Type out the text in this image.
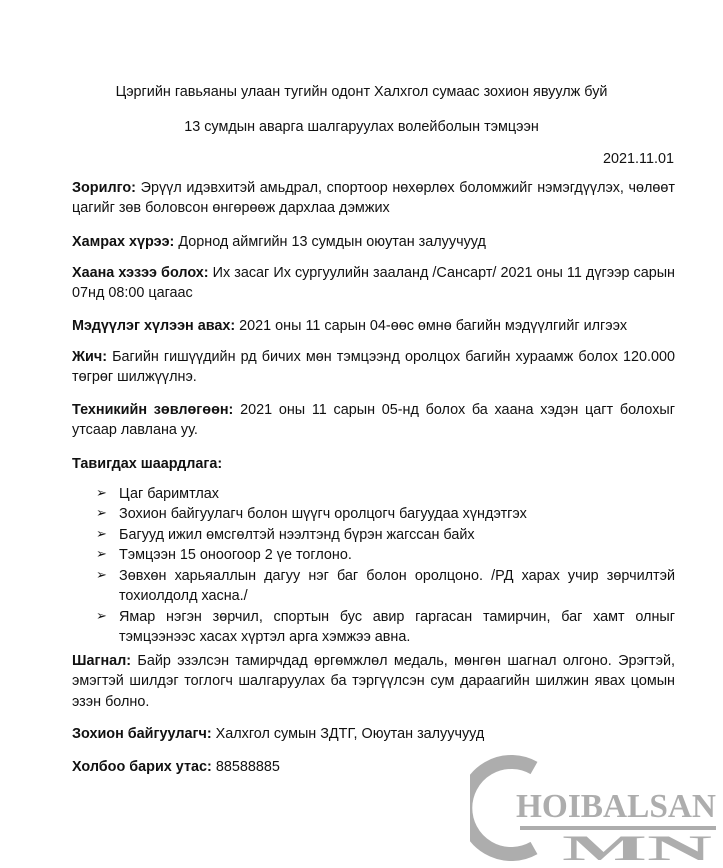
Цэргийн гавьяаны улаан тугийн одонт Халхгол сумаас зохион явуулж буй

13 сумдын аварга шалгаруулах волейболын тэмцээн

2021.11.01

Зорилго: Эрүүл идэвхитэй амьдрал, спортоор нөхөрлөх боломжийг нэмэгдүүлэх, чөлөөт цагийг зөв боловсон өнгөрөөж дархлаа дэмжих

Хамрах хүрээ: Дорнод аймгийн 13 сумдын оюутан залуучууд

Хаана хэзээ болох: Их засаг Их сургуулийн зааланд /Сансарт/ 2021 оны 11 дүгээр сарын 07нд 08:00 цагаас

Мэдүүлэг хүлээн авах: 2021 оны 11 сарын 04-өөс өмнө багийн мэдүүлгийг илгээх

Жич: Багийн гишүүдийн рд бичих мөн тэмцээнд оролцох багийн хураамж болох 120.000 төгрөг шилжүүлнэ.

Техникийн зөвлөгөөн: 2021 оны 11 сарын 05-нд болох ба хаана хэдэн цагт болохыг утсаар лавлана уу.

Тавигдах шаардлага:

➢ Цаг баримтлах
➢ Зохион байгуулагч болон шүүгч оролцогч багуудаа хүндэтгэх
➢ Багууд ижил өмсгөлтэй нээлтэнд бүрэн жагссан байх
➢ Тэмцээн 15 оноогоор 2 үе тоглоно.
➢ Зөвхөн харьяаллын дагуу нэг баг болон оролцоно. /РД харах учир зөрчилтэй тохиолдолд хасна./
➢ Ямар нэгэн зөрчил, спортын бус авир гаргасан тамирчин, баг хамт олныг тэмцээнээс хасах хүртэл арга хэмжээ авна.

Шагнал: Байр эзэлсэн тамирчдад өргөмжлөл медаль, мөнгөн шагнал олгоно. Эрэгтэй, эмэгтэй шилдэг тоглогч шалгаруулах ба тэргүүлсэн сум дараагийн шилжин явах цомын эзэн болно.

Зохион байгуулагч: Халхгол сумын ЗДТГ, Оюутан залуучууд

Холбоо барих утас: 88588885

HOIBALSAN
MN
